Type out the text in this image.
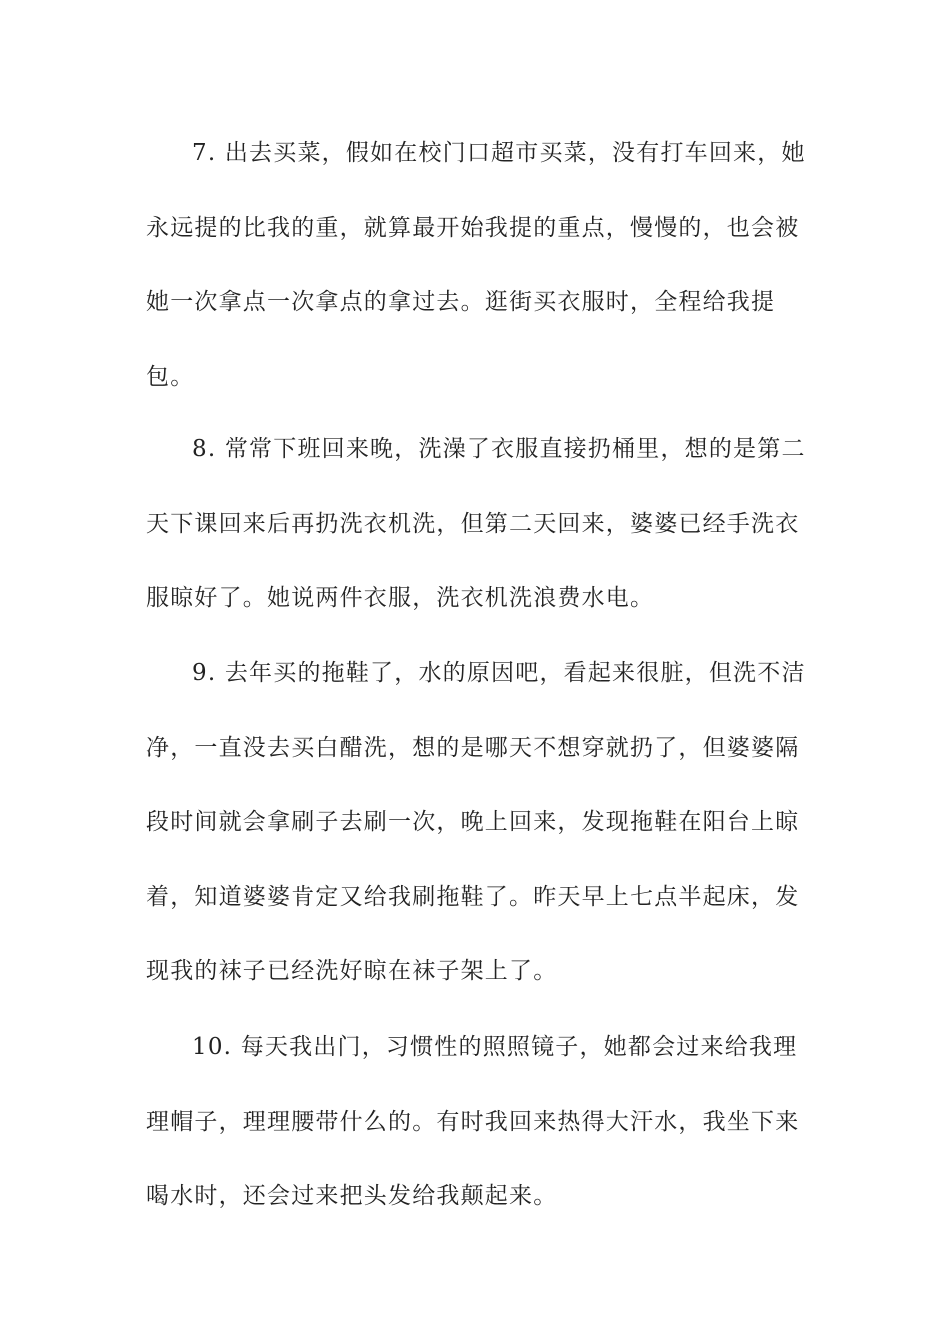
7. 出去买菜，假如在校门口超市买菜，没有打车回来，她永远提的比我的重，就算最开始我提的重点，慢慢的，也会被她一次拿点一次拿点的拿过去。逛街买衣服时，全程给我提包。

8. 常常下班回来晚，洗澡了衣服直接扔桶里，想的是第二天下课回来后再扔洗衣机洗，但第二天回来，婆婆已经手洗衣服晾好了。她说两件衣服，洗衣机洗浪费水电。

9. 去年买的拖鞋了，水的原因吧，看起来很脏，但洗不洁净，一直没去买白醋洗，想的是哪天不想穿就扔了，但婆婆隔段时间就会拿刷子去刷一次，晚上回来，发现拖鞋在阳台上晾着，知道婆婆肯定又给我刷拖鞋了。昨天早上七点半起床，发现我的袜子已经洗好晾在袜子架上了。

10. 每天我出门，习惯性的照照镜子，她都会过来给我理理帽子，理理腰带什么的。有时我回来热得大汗水，我坐下来喝水时，还会过来把头发给我颠起来。
